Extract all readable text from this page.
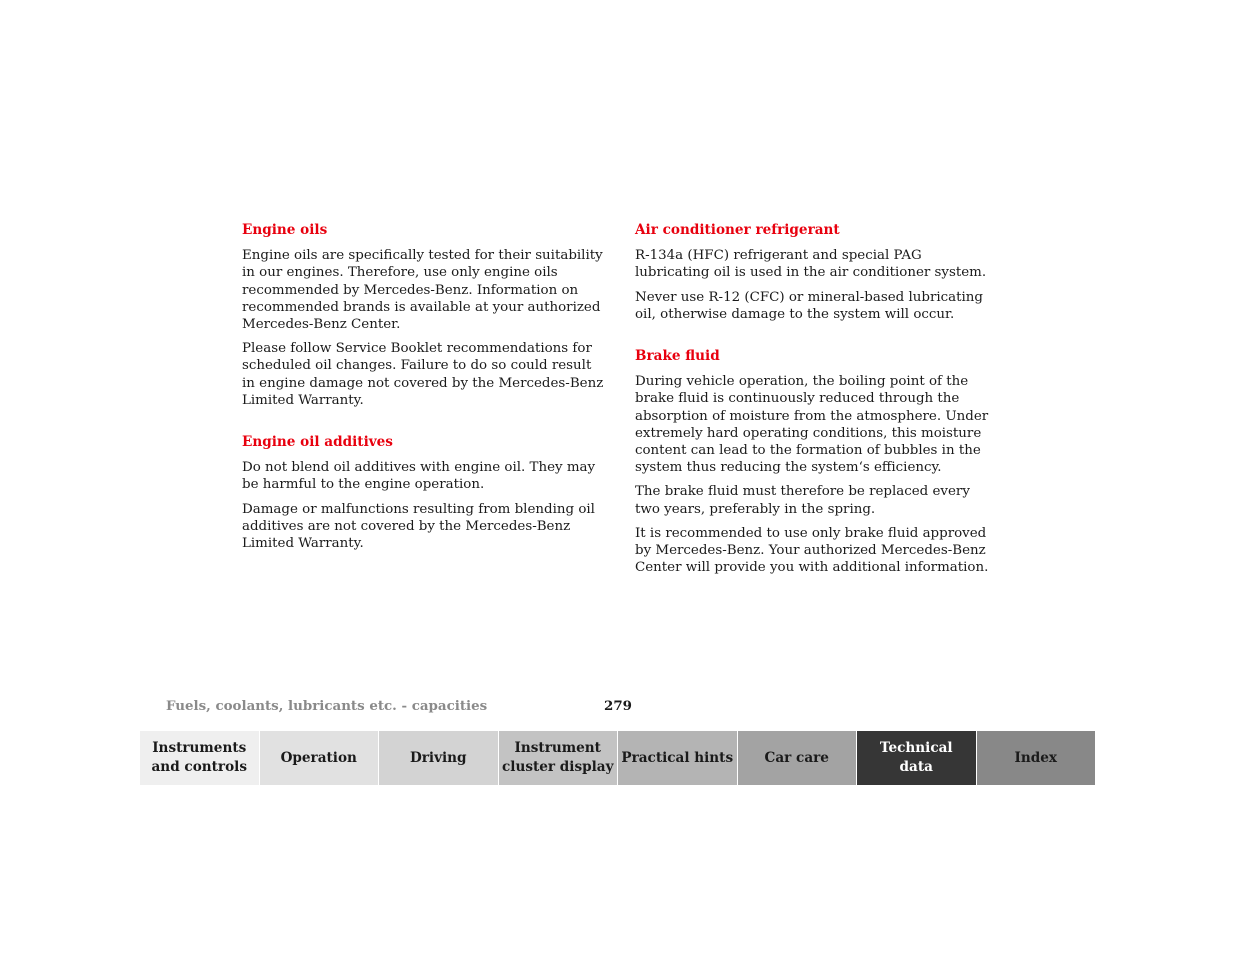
Engine oils

Engine oils are specifically tested for their suitability in our engines. Therefore, use only engine oils recommended by Mercedes-Benz. Information on recommended brands is available at your authorized Mercedes-Benz Center.

Please follow Service Booklet recommendations for scheduled oil changes. Failure to do so could result in engine damage not covered by the Mercedes-Benz Limited Warranty.

Engine oil additives

Do not blend oil additives with engine oil. They may be harmful to the engine operation.

Damage or malfunctions resulting from blending oil additives are not covered by the Mercedes-Benz Limited Warranty.

Air conditioner refrigerant

R-134a (HFC) refrigerant and special PAG lubricating oil is used in the air conditioner system.

Never use R-12 (CFC) or mineral-based lubricating oil, otherwise damage to the system will occur.

Brake fluid

During vehicle operation, the boiling point of the brake fluid is continuously reduced through the absorption of moisture from the atmosphere. Under extremely hard operating conditions, this moisture content can lead to the formation of bubbles in the system thus reducing the system‘s efficiency.

The brake fluid must therefore be replaced every two years, preferably in the spring.

It is recommended to use only brake fluid approved by Mercedes-Benz. Your authorized Mercedes-Benz Center will provide you with additional information.

Fuels, coolants, lubricants etc. - capacities	279
Instruments
and controls
Operation	Driving
Instrument
cluster display
Practical hints	Car care
Technical
data
Index
